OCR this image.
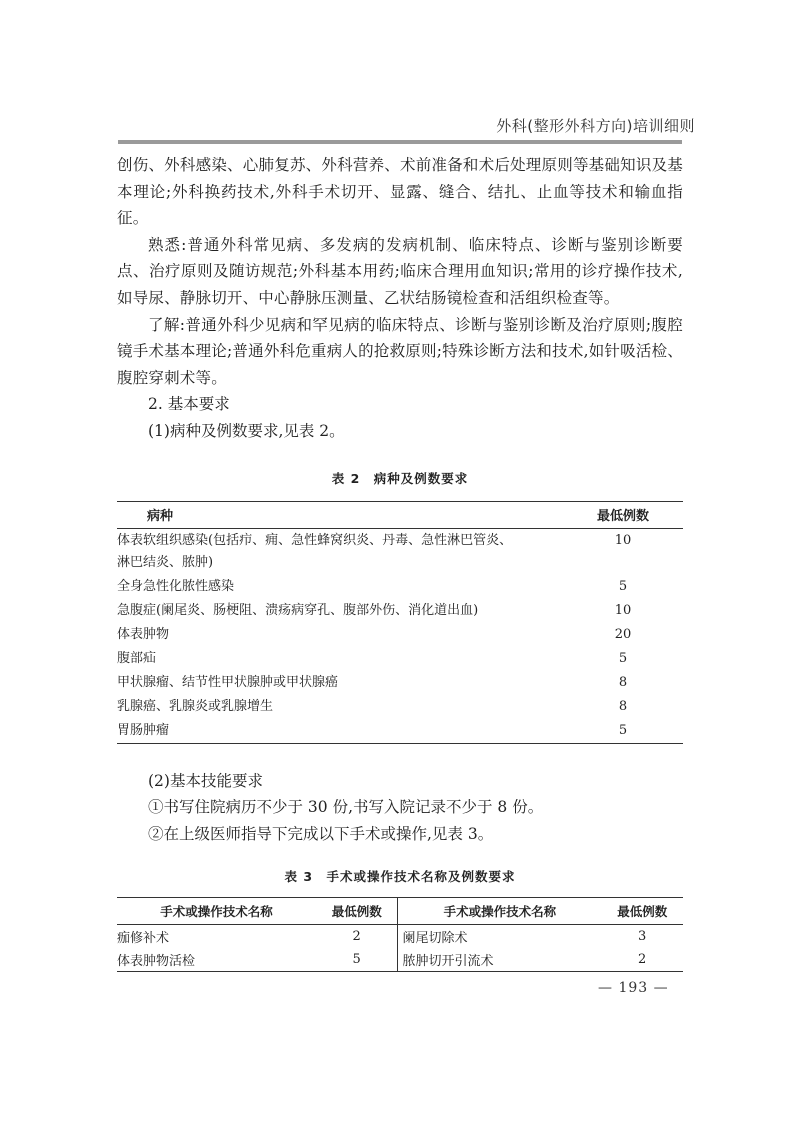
外科(整形外科方向)培训细则

创伤、外科感染、心肺复苏、外科营养、术前准备和术后处理原则等基础知识及基本理论;外科换药技术,外科手术切开、显露、缝合、结扎、止血等技术和输血指征。

熟悉:普通外科常见病、多发病的发病机制、临床特点、诊断与鉴别诊断要点、治疗原则及随访规范;外科基本用药;临床合理用血知识;常用的诊疗操作技术,如导尿、静脉切开、中心静脉压测量、乙状结肠镜检查和活组织检查等。

了解:普通外科少见病和罕见病的临床特点、诊断与鉴别诊断及治疗原则;腹腔镜手术基本理论;普通外科危重病人的抢救原则;特殊诊断方法和技术,如针吸活检、腹腔穿刺术等。

2. 基本要求

(1)病种及例数要求,见表 2。

表 2　病种及例数要求
病种	最低例数
体表软组织感染(包括疖、痈、急性蜂窝织炎、丹毒、急性淋巴管炎、淋巴结炎、脓肿)	10
全身急性化脓性感染	5
急腹症(阑尾炎、肠梗阻、溃疡病穿孔、腹部外伤、消化道出血)	10
体表肿物	20
腹部疝	5
甲状腺瘤、结节性甲状腺肿或甲状腺癌	8
乳腺癌、乳腺炎或乳腺增生	8
胃肠肿瘤	5

(2)基本技能要求

①书写住院病历不少于 30 份,书写入院记录不少于 8 份。

②在上级医师指导下完成以下手术或操作,见表 3。

表 3　手术或操作技术名称及例数要求
手术或操作技术名称	最低例数	手术或操作技术名称	最低例数
痂修补术	2	阑尾切除术	3
体表肿物活检	5	脓肿切开引流术	2
— 193 —
